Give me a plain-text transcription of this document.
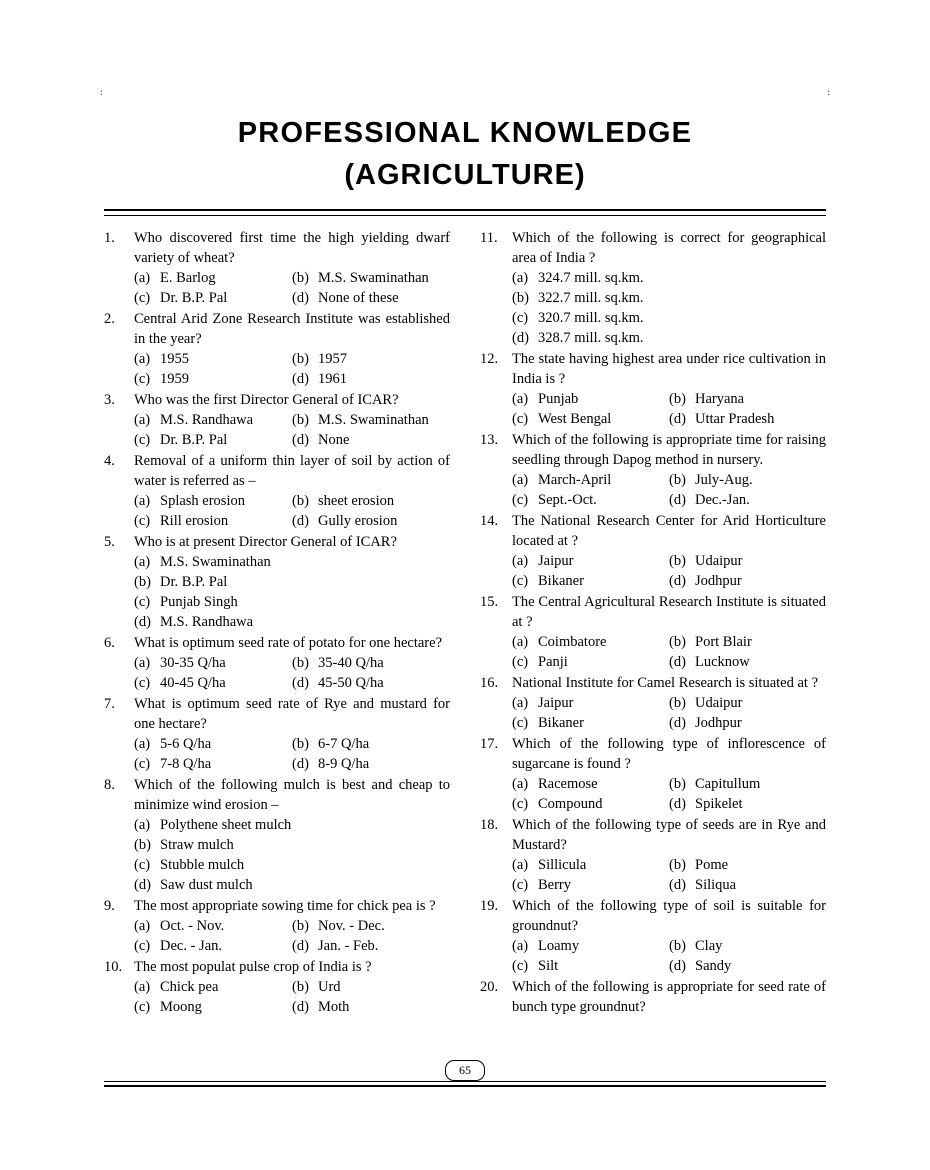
:	:
PROFESSIONAL KNOWLEDGE
(AGRICULTURE)
1.	Who discovered first time the high yielding dwarf variety of wheat?
(a) E. Barlog	(b) M.S. Swaminathan
(c) Dr. B.P. Pal	(d) None of these
2.	Central Arid Zone Research Institute was established in the year?
(a) 1955	(b) 1957
(c) 1959	(d) 1961
3.	Who was the first Director General of ICAR?
(a) M.S. Randhawa	(b) M.S. Swaminathan
(c) Dr. B.P. Pal	(d) None
4.	Removal of a uniform thin layer of soil by action of water is referred as –
(a) Splash erosion	(b) sheet erosion
(c) Rill erosion	(d) Gully erosion
5.	Who is at present Director General of ICAR?
(a) M.S. Swaminathan
(b) Dr. B.P. Pal
(c) Punjab Singh
(d) M.S. Randhawa
6.	What is optimum seed rate of potato for one hectare?
(a) 30-35 Q/ha	(b) 35-40 Q/ha
(c) 40-45 Q/ha	(d) 45-50 Q/ha
7.	What is optimum seed rate of Rye and mustard for one hectare?
(a) 5-6 Q/ha	(b) 6-7 Q/ha
(c) 7-8 Q/ha	(d) 8-9 Q/ha
8.	Which of the following mulch is best and cheap to minimize wind erosion –
(a) Polythene sheet mulch
(b) Straw mulch
(c) Stubble mulch
(d) Saw dust mulch
9.	The most appropriate sowing time for chick pea is ?
(a) Oct. - Nov.	(b) Nov. - Dec.
(c) Dec. - Jan.	(d) Jan. - Feb.
10. The most populat pulse crop of India is ?
(a) Chick pea	(b) Urd
(c) Moong	(d) Moth
11. Which of the following is correct for geographical area of India ?
(a) 324.7 mill. sq.km.
(b) 322.7 mill. sq.km.
(c) 320.7 mill. sq.km.
(d) 328.7 mill. sq.km.
12. The state having highest area under rice cultivation in India is ?
(a) Punjab	(b) Haryana
(c) West Bengal	(d) Uttar Pradesh
13. Which of the following is appropriate time for raising seedling through Dapog method in nursery.
(a) March-April	(b) July-Aug.
(c) Sept.-Oct.	(d) Dec.-Jan.
14. The National Research Center for Arid Horticulture located at ?
(a) Jaipur	(b) Udaipur
(c) Bikaner	(d) Jodhpur
15. The Central Agricultural Research Institute is situated at ?
(a) Coimbatore	(b) Port Blair
(c) Panji	(d) Lucknow
16. National Institute for Camel Research is situated at ?
(a) Jaipur	(b) Udaipur
(c) Bikaner	(d) Jodhpur
17. Which of the following type of inflorescence of sugarcane is found ?
(a) Racemose	(b) Capitullum
(c) Compound	(d) Spikelet
18. Which of the following type of seeds are in Rye and Mustard?
(a) Sillicula	(b) Pome
(c) Berry	(d) Siliqua
19. Which of the following type of soil is suitable for groundnut?
(a) Loamy	(b) Clay
(c) Silt	(d) Sandy
20. Which of the following is appropriate for seed rate of bunch type groundnut?
65
